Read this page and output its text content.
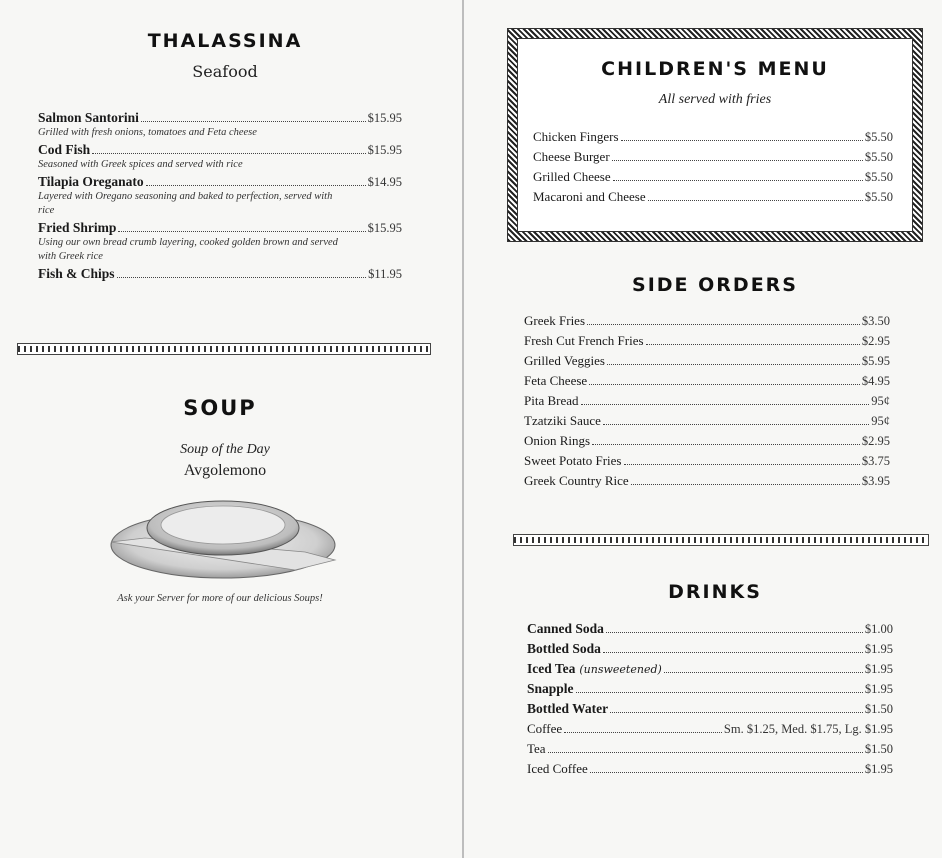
THALASSINA
Seafood
Salmon Santorini	$15.95
Grilled with fresh onions, tomatoes and Feta cheese
Cod Fish	$15.95
Seasoned with Greek spices and served with rice
Tilapia Oreganato	$14.95
Layered with Oregano seasoning and baked to perfection, served with rice
Fried Shrimp	$15.95
Using our own bread crumb layering, cooked golden brown and served with Greek rice
Fish & Chips	$11.95
SOUP
Soup of the Day
Avgolemono
Ask your Server for more of our delicious Soups!
CHILDREN'S MENU
All served with fries
Chicken Fingers	$5.50
Cheese Burger	$5.50
Grilled Cheese	$5.50
Macaroni and Cheese	$5.50
SIDE ORDERS
Greek Fries	$3.50
Fresh Cut French Fries	$2.95
Grilled Veggies	$5.95
Feta Cheese	$4.95
Pita Bread	95¢
Tzatziki Sauce	95¢
Onion Rings	$2.95
Sweet Potato Fries	$3.75
Greek Country Rice	$3.95
DRINKS
Canned Soda	$1.00
Bottled Soda	$1.95
Iced Tea (unsweetened)	$1.95
Snapple	$1.95
Bottled Water	$1.50
Coffee	Sm. $1.25, Med. $1.75, Lg. $1.95
Tea	$1.50
Iced Coffee	$1.95
